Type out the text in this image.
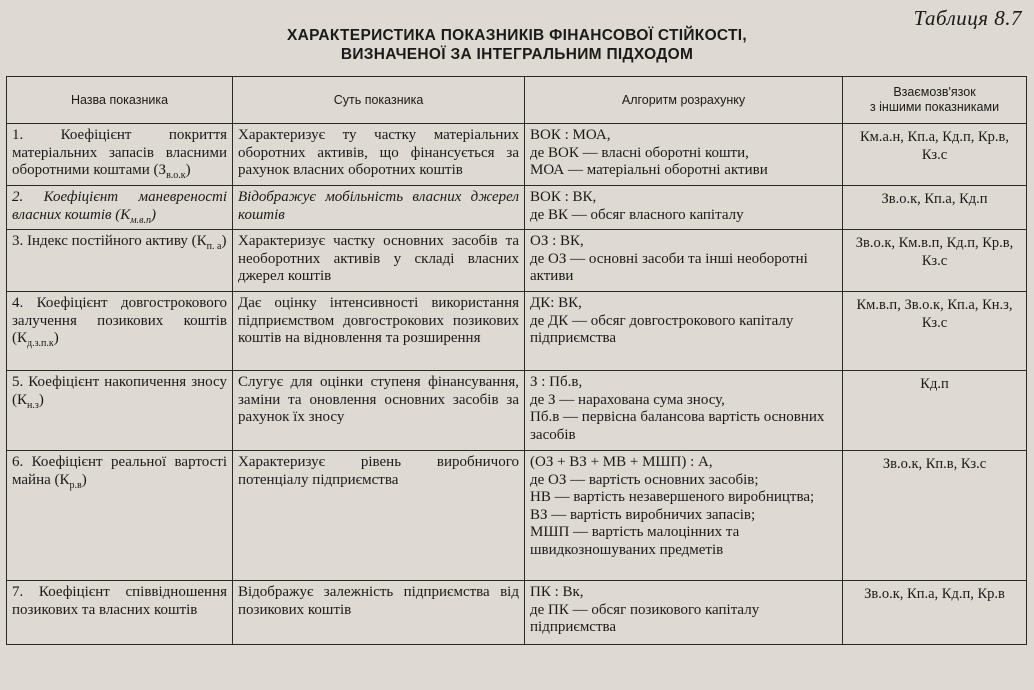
Таблиця 8.7
ХАРАКТЕРИСТИКА ПОКАЗНИКІВ ФІНАНСОВОЇ СТІЙКОСТІ,
ВИЗНАЧЕНОЇ ЗА ІНТЕГРАЛЬНИМ ПІДХОДОМ
Назва показника	Суть показника	Алгоритм розрахунку	Взаємозв'язок
з іншими показниками

1. Коефіцієнт покриття матеріальних запасів власними оборотними коштами $(З_{в.о.к})$	Характеризує ту частку матеріальних оборотних активів, що фінансується за рахунок власних оборотних коштів	ВОК : МОА,
де ВОК — власні оборотні кошти,
МОА — матеріальні оборотні активи	Км.а.н, Кп.а, Кд.п, Кр.в, Кз.с
2. Коефіцієнт маневреності власних коштів $(К_{м.в.п})$	Відображує мобільність власних джерел коштів	ВОК : ВК,
де ВК — обсяг власного капіталу	Зв.о.к, Кп.а, Кд.п
3. Індекс постійного активу $(К_{п. а})$	Характеризує частку основних засобів та необоротних активів у складі власних джерел коштів	ОЗ : ВК,
де ОЗ — основні засоби та інші необоротні активи	Зв.о.к, Км.в.п, Кд.п, Кр.в, Кз.с
4. Коефіцієнт довгострокового залучення позикових коштів $(К_{д.з.п.к})$	Дає оцінку інтенсивності використання підприємством довгострокових позикових коштів на відновлення та розширення	ДК: ВК,
де ДК — обсяг довгострокового капіталу підприємства	Км.в.п, Зв.о.к, Кп.а, Кн.з, Кз.с
5. Коефіцієнт накопичення зносу $(К_{н.з})$	Слугує для оцінки ступеня фінансування, заміни та оновлення основних засобів за рахунок їх зносу	З : Пб.в,
де З — нарахована сума зносу,
Пб.в — первісна балансова вартість основних засобів	Кд.п
6. Коефіцієнт реальної вартості майна $(К_{р.в})$	Характеризує рівень виробничого потенціалу підприємства	(ОЗ + ВЗ + МВ + МШП) : А,
де ОЗ — вартість основних засобів;
НВ — вартість незавершеного виробництва;
ВЗ — вартість виробничих запасів;
МШП — вартість малоцінних та швидкозношуваних предметів	Зв.о.к, Кп.в, Кз.с
7. Коефіцієнт співвідношення позикових та власних коштів	Відображує залежність підприємства від позикових коштів	ПК : Вк,
де ПК — обсяг позикового капіталу підприємства	Зв.о.к, Кп.а, Кд.п, Кр.в
